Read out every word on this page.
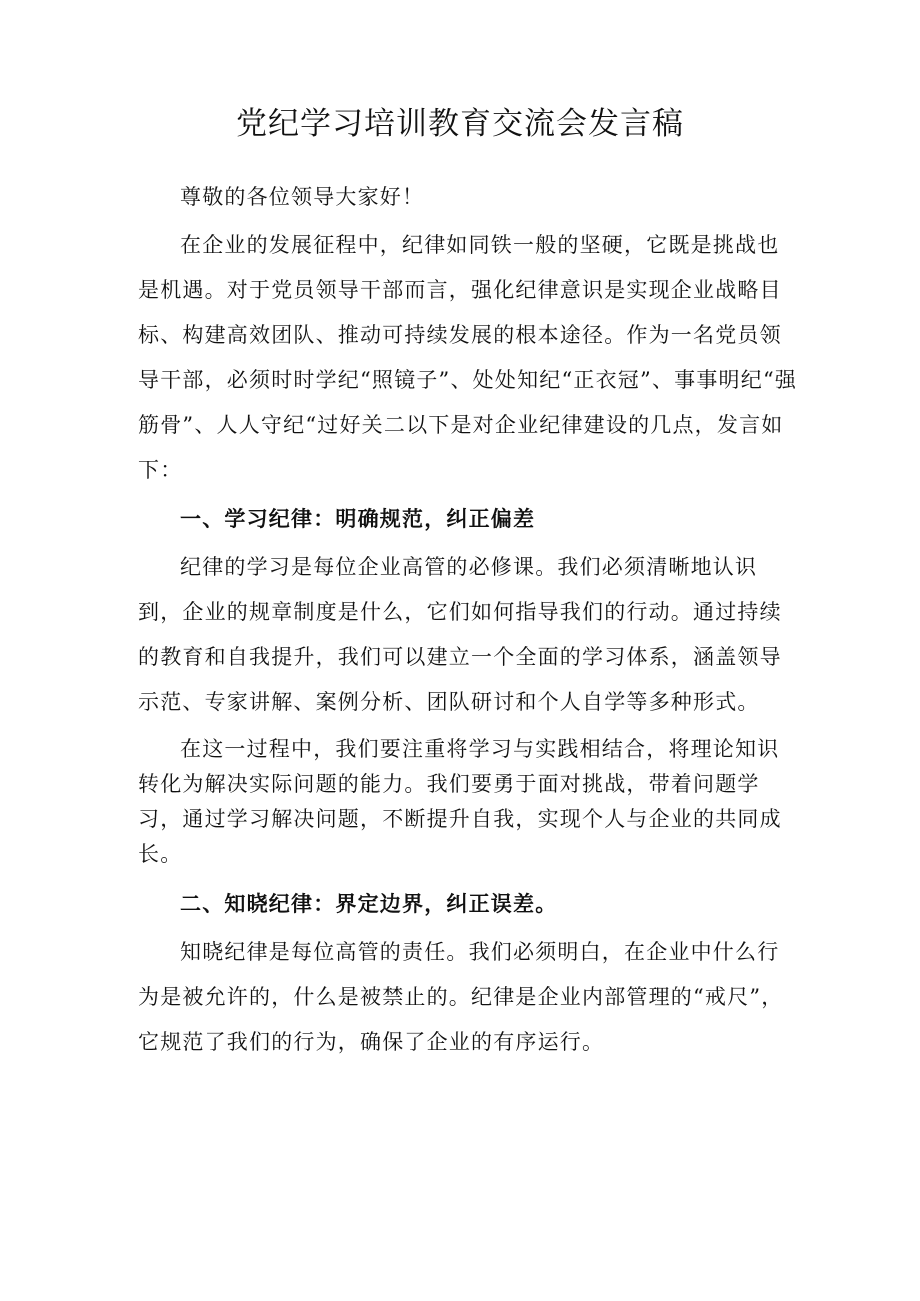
党纪学习培训教育交流会发言稿

尊敬的各位领导大家好！

在企业的发展征程中，纪律如同铁一般的坚硬，它既是挑战也是机遇。对于党员领导干部而言，强化纪律意识是实现企业战略目标、构建高效团队、推动可持续发展的根本途径。作为一名党员领导干部，必须时时学纪“照镜子”、处处知纪“正衣冠”、事事明纪“强筋骨”、人人守纪“过好关二以下是对企业纪律建设的几点，发言如下：

一、学习纪律：明确规范，纠正偏差

纪律的学习是每位企业高管的必修课。我们必须清晰地认识到，企业的规章制度是什么，它们如何指导我们的行动。通过持续的教育和自我提升，我们可以建立一个全面的学习体系，涵盖领导示范、专家讲解、案例分析、团队研讨和个人自学等多种形式。

在这一过程中，我们要注重将学习与实践相结合，将理论知识转化为解决实际问题的能力。我们要勇于面对挑战，带着问题学习，通过学习解决问题，不断提升自我，实现个人与企业的共同成长。

二、知晓纪律：界定边界，纠正误差。

知晓纪律是每位高管的责任。我们必须明白，在企业中什么行为是被允许的，什么是被禁止的。纪律是企业内部管理的“戒尺”，它规范了我们的行为，确保了企业的有序运行。
